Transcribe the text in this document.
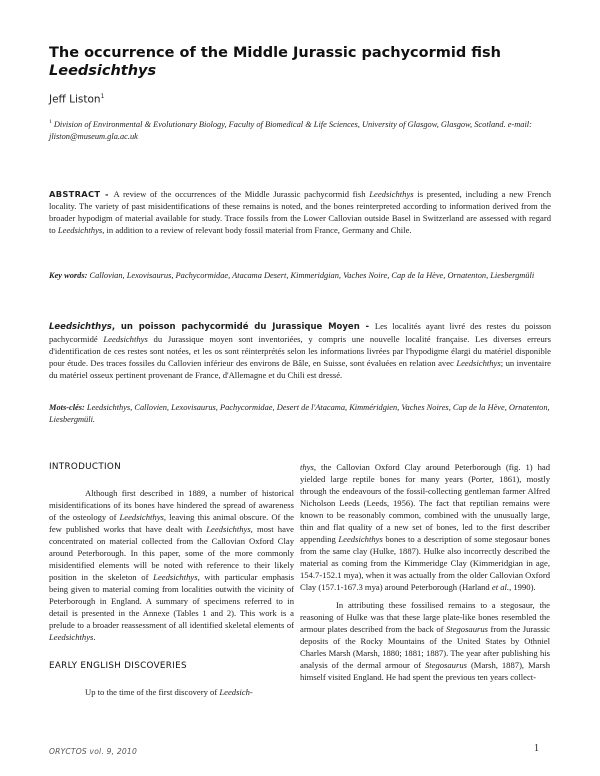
The occurrence of the Middle Jurassic pachycormid fish
Leedsichthys
Jeff Liston$^1$
$^1$ Division of Environmental & Evolutionary Biology, Faculty of Biomedical & Life Sciences, University of Glasgow, Glasgow, Scotland. e-mail: jliston@museum.gla.ac.uk
ABSTRACT - A review of the occurrences of the Middle Jurassic pachycormid fish Leedsichthys is presented, including a new French locality. The variety of past misidentifications of these remains is noted, and the bones reinterpreted according to information derived from the broader hypodigm of material available for study. Trace fossils from the Lower Callovian outside Basel in Switzerland are assessed with regard to Leedsichthys, in addition to a review of relevant body fossil material from France, Germany and Chile.
Key words: Callovian, Lexovisaurus, Pachycormidae, Atacama Desert, Kimmeridgian, Vaches Noire, Cap de la Hève, Ornatenton, Liesbergmüli
Leedsichthys, un poisson pachycormidé du Jurassique Moyen - Les localités ayant livré des restes du poisson pachycormidé Leedsichthys du Jurassique moyen sont inventoriées, y compris une nouvelle localité française. Les diverses erreurs d'identification de ces restes sont notées, et les os sont réinterprétés selon les informations livrées par l'hypodigme élargi du matériel disponible pour étude. Des traces fossiles du Callovien inférieur des environs de Bâle, en Suisse, sont évaluées en relation avec Leedsichthys; un inventaire du matériel osseux pertinent provenant de France, d'Allemagne et du Chili est dressé.
Mots-clés: Leedsichthys, Callovien, Lexovisaurus, Pachycormidae, Desert de l'Atacama, Kimméridgien, Vaches Noires, Cap de la Hève, Ornatenton, Liesbergmüli.
INTRODUCTION

Although first described in 1889, a number of historical misidentifications of its bones have hindered the spread of awareness of the osteology of Leedsichthys, leaving this animal obscure. Of the few published works that have dealt with Leedsichthys, most have concentrated on material collected from the Callovian Oxford Clay around Peterborough. In this paper, some of the more commonly misidentified elements will be noted with reference to their likely position in the skeleton of Leedsichthys, with particular emphasis being given to material coming from localities outwith the vicinity of Peterborough in England. A summary of specimens referred to in detail is presented in the Annexe (Tables 1 and 2). This work is a prelude to a broader reassessment of all identified skeletal elements of Leedsichthys.

EARLY ENGLISH DISCOVERIES

Up to the time of the first discovery of Leedsich-

thys, the Callovian Oxford Clay around Peterborough (fig. 1) had yielded large reptile bones for many years (Porter, 1861), mostly through the endeavours of the fossil-collecting gentleman farmer Alfred Nicholson Leeds (Leeds, 1956). The fact that reptilian remains were known to be reasonably common, combined with the unusually large, thin and flat quality of a new set of bones, led to the first describer appending Leedsichthys bones to a description of some stegosaur bones from the same clay (Hulke, 1887). Hulke also incorrectly described the material as coming from the Kimmeridge Clay (Kimmeridgian in age, 154.7-152.1 mya), when it was actually from the older Callovian Oxford Clay (157.1-167.3 mya) around Peterborough (Harland et al., 1990).

In attributing these fossilised remains to a stegosaur, the reasoning of Hulke was that these large plate-like bones resembled the armour plates described from the back of Stegosaurus from the Jurassic deposits of the Rocky Mountains of the United States by Othniel Charles Marsh (Marsh, 1880; 1881; 1887). The year after publishing his analysis of the dermal armour of Stegosaurus (Marsh, 1887), Marsh himself visited England. He had spent the previous ten years collect-

ORYCTOS vol. 9, 2010	1
